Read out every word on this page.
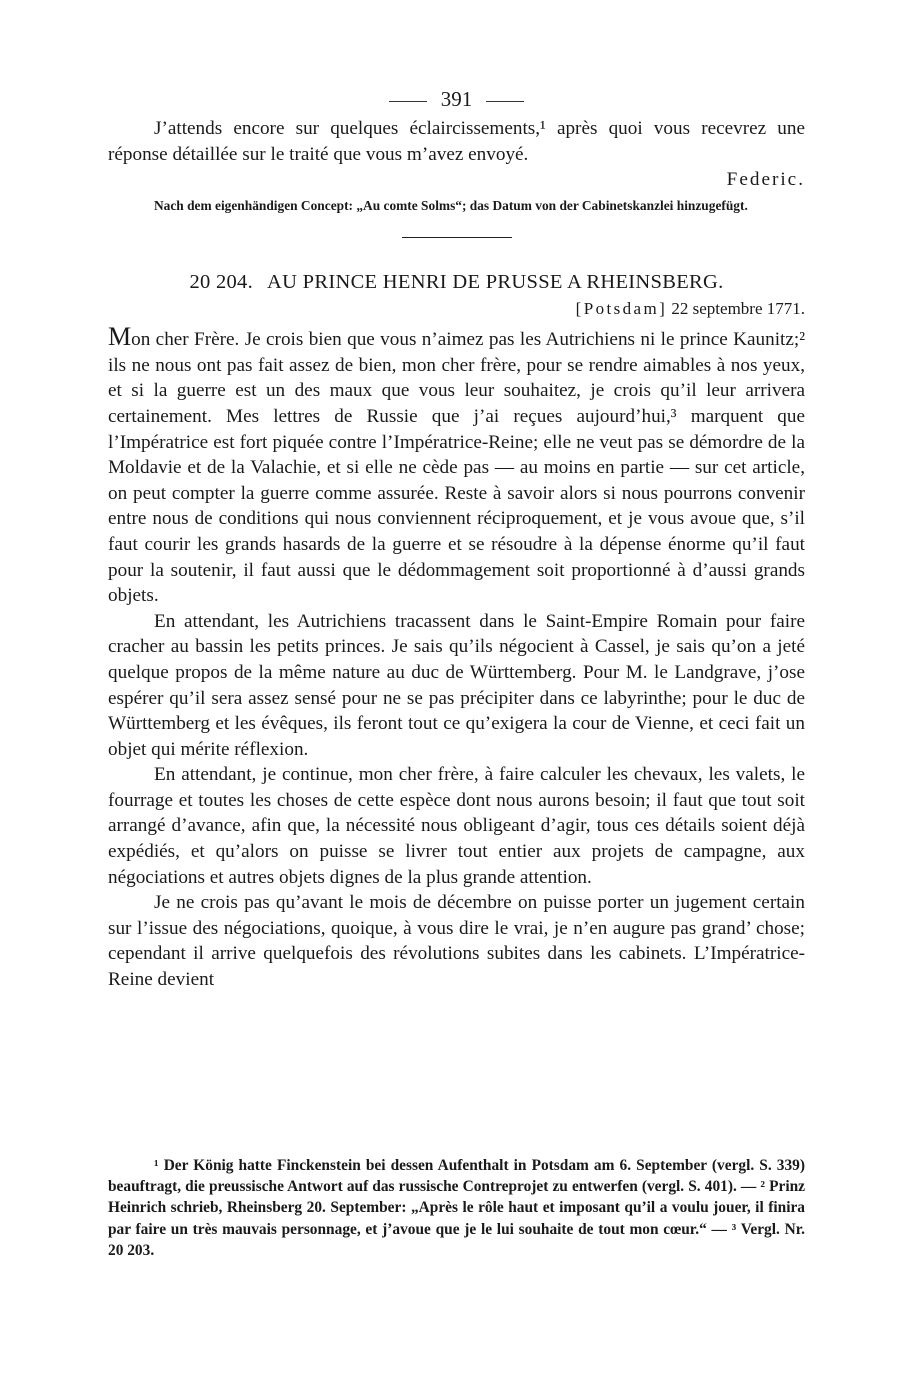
391

J’attends encore sur quelques éclaircissements,¹ après quoi vous recevrez une réponse détaillée sur le traité que vous m’avez envoyé.

Federic.
Nach dem eigenhändigen Concept: „Au comte Solms“; das Datum von der Cabinetskanzlei hinzugefügt.
20 204. AU PRINCE HENRI DE PRUSSE A RHEINSBERG.
[Potsdam] 22 septembre 1771.

Mon cher Frère. Je crois bien que vous n’aimez pas les Autrichiens ni le prince Kaunitz;² ils ne nous ont pas fait assez de bien, mon cher frère, pour se rendre aimables à nos yeux, et si la guerre est un des maux que vous leur souhaitez, je crois qu’il leur arrivera certainement. Mes lettres de Russie que j’ai reçues aujourd’hui,³ marquent que l’Impératrice est fort piquée contre l’Impératrice-Reine; elle ne veut pas se démordre de la Moldavie et de la Valachie, et si elle ne cède pas — au moins en partie — sur cet article, on peut compter la guerre comme assurée. Reste à savoir alors si nous pourrons convenir entre nous de conditions qui nous conviennent réciproquement, et je vous avoue que, s’il faut courir les grands hasards de la guerre et se résoudre à la dépense énorme qu’il faut pour la soutenir, il faut aussi que le dédommagement soit proportionné à d’aussi grands objets.

En attendant, les Autrichiens tracassent dans le Saint-Empire Romain pour faire cracher au bassin les petits princes. Je sais qu’ils négocient à Cassel, je sais qu’on a jeté quelque propos de la même nature au duc de Württemberg. Pour M. le Landgrave, j’ose espérer qu’il sera assez sensé pour ne se pas précipiter dans ce labyrinthe; pour le duc de Württemberg et les évêques, ils feront tout ce qu’exigera la cour de Vienne, et ceci fait un objet qui mérite réflexion.

En attendant, je continue, mon cher frère, à faire calculer les chevaux, les valets, le fourrage et toutes les choses de cette espèce dont nous aurons besoin; il faut que tout soit arrangé d’avance, afin que, la nécessité nous obligeant d’agir, tous ces détails soient déjà expédiés, et qu’alors on puisse se livrer tout entier aux projets de campagne, aux négociations et autres objets dignes de la plus grande attention.

Je ne crois pas qu’avant le mois de décembre on puisse porter un jugement certain sur l’issue des négociations, quoique, à vous dire le vrai, je n’en augure pas grand’ chose; cependant il arrive quelquefois des révolutions subites dans les cabinets. L’Impératrice-Reine devient

¹ Der König hatte Finckenstein bei dessen Aufenthalt in Potsdam am 6. September (vergl. S. 339) beauftragt, die preussische Antwort auf das russische Contreprojet zu entwerfen (vergl. S. 401). — ² Prinz Heinrich schrieb, Rheinsberg 20. September: „Après le rôle haut et imposant qu’il a voulu jouer, il finira par faire un très mauvais personnage, et j’avoue que je le lui souhaite de tout mon cœur.“ — ³ Vergl. Nr. 20 203.
